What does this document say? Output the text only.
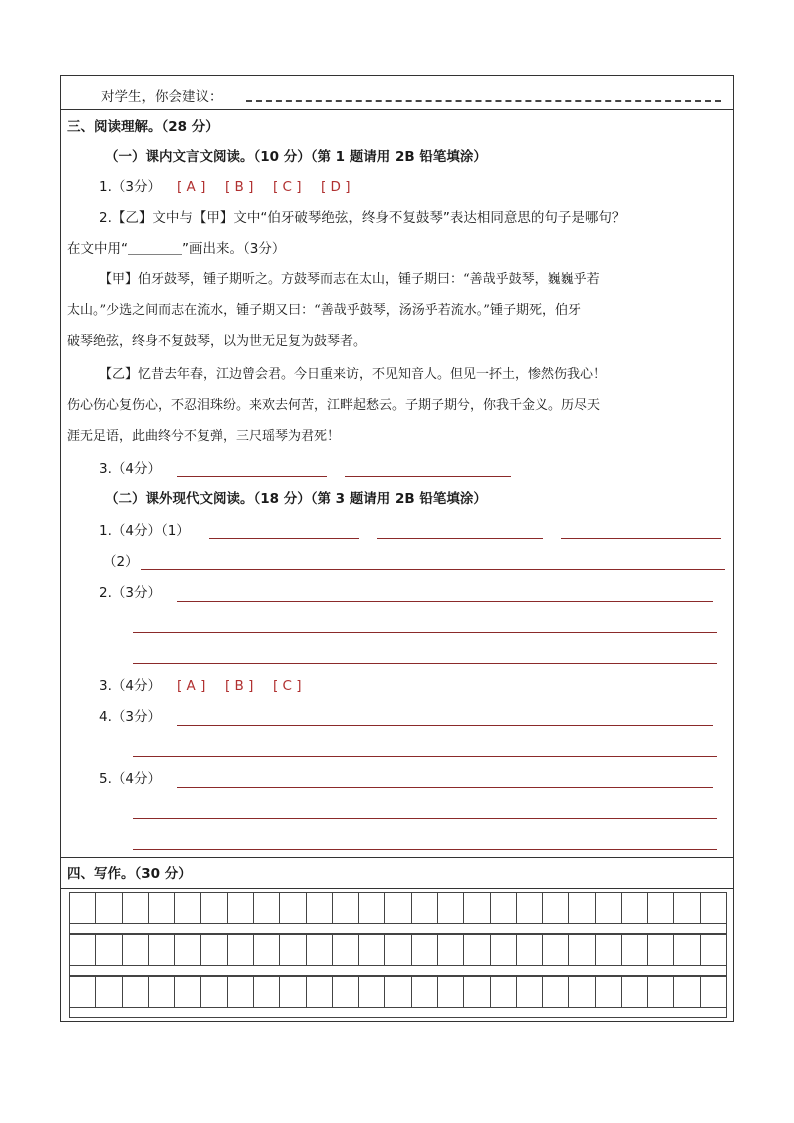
对学生，你会建议：
三、阅读理解。（28 分）
（一）课内文言文阅读。（10 分）（第 1 题请用 2B 铅笔填涂）
1.（3分） [ A ] [ B ] [ C ] [ D ]
2.【乙】文中与【甲】文中“伯牙破琴绝弦，终身不复鼓琴”表达相同意思的句子是哪句？
在文中用“＿＿＿＿”画出来。（3分）
【甲】伯牙鼓琴，锺子期听之。方鼓琴而志在太山，锺子期曰：“善哉乎鼓琴，巍巍乎若
太山。”少选之间而志在流水，锺子期又曰：“善哉乎鼓琴，汤汤乎若流水。”锺子期死，伯牙
破琴绝弦，终身不复鼓琴，以为世无足复为鼓琴者。
【乙】忆昔去年春，江边曾会君。今日重来访，不见知音人。但见一抔土，惨然伤我心！
伤心伤心复伤心，不忍泪珠纷。来欢去何苦，江畔起愁云。子期子期兮，你我千金义。历尽天
涯无足语，此曲终兮不复弹，三尺瑶琴为君死！
3.（4分）
（二）课外现代文阅读。（18 分）（第 3 题请用 2B 铅笔填涂）
1.（4分）（1）
（2）
2.（3分）
3.（4分） [ A ] [ B ] [ C ]
4.（3分）
5.（4分）
四、写作。（30 分）
